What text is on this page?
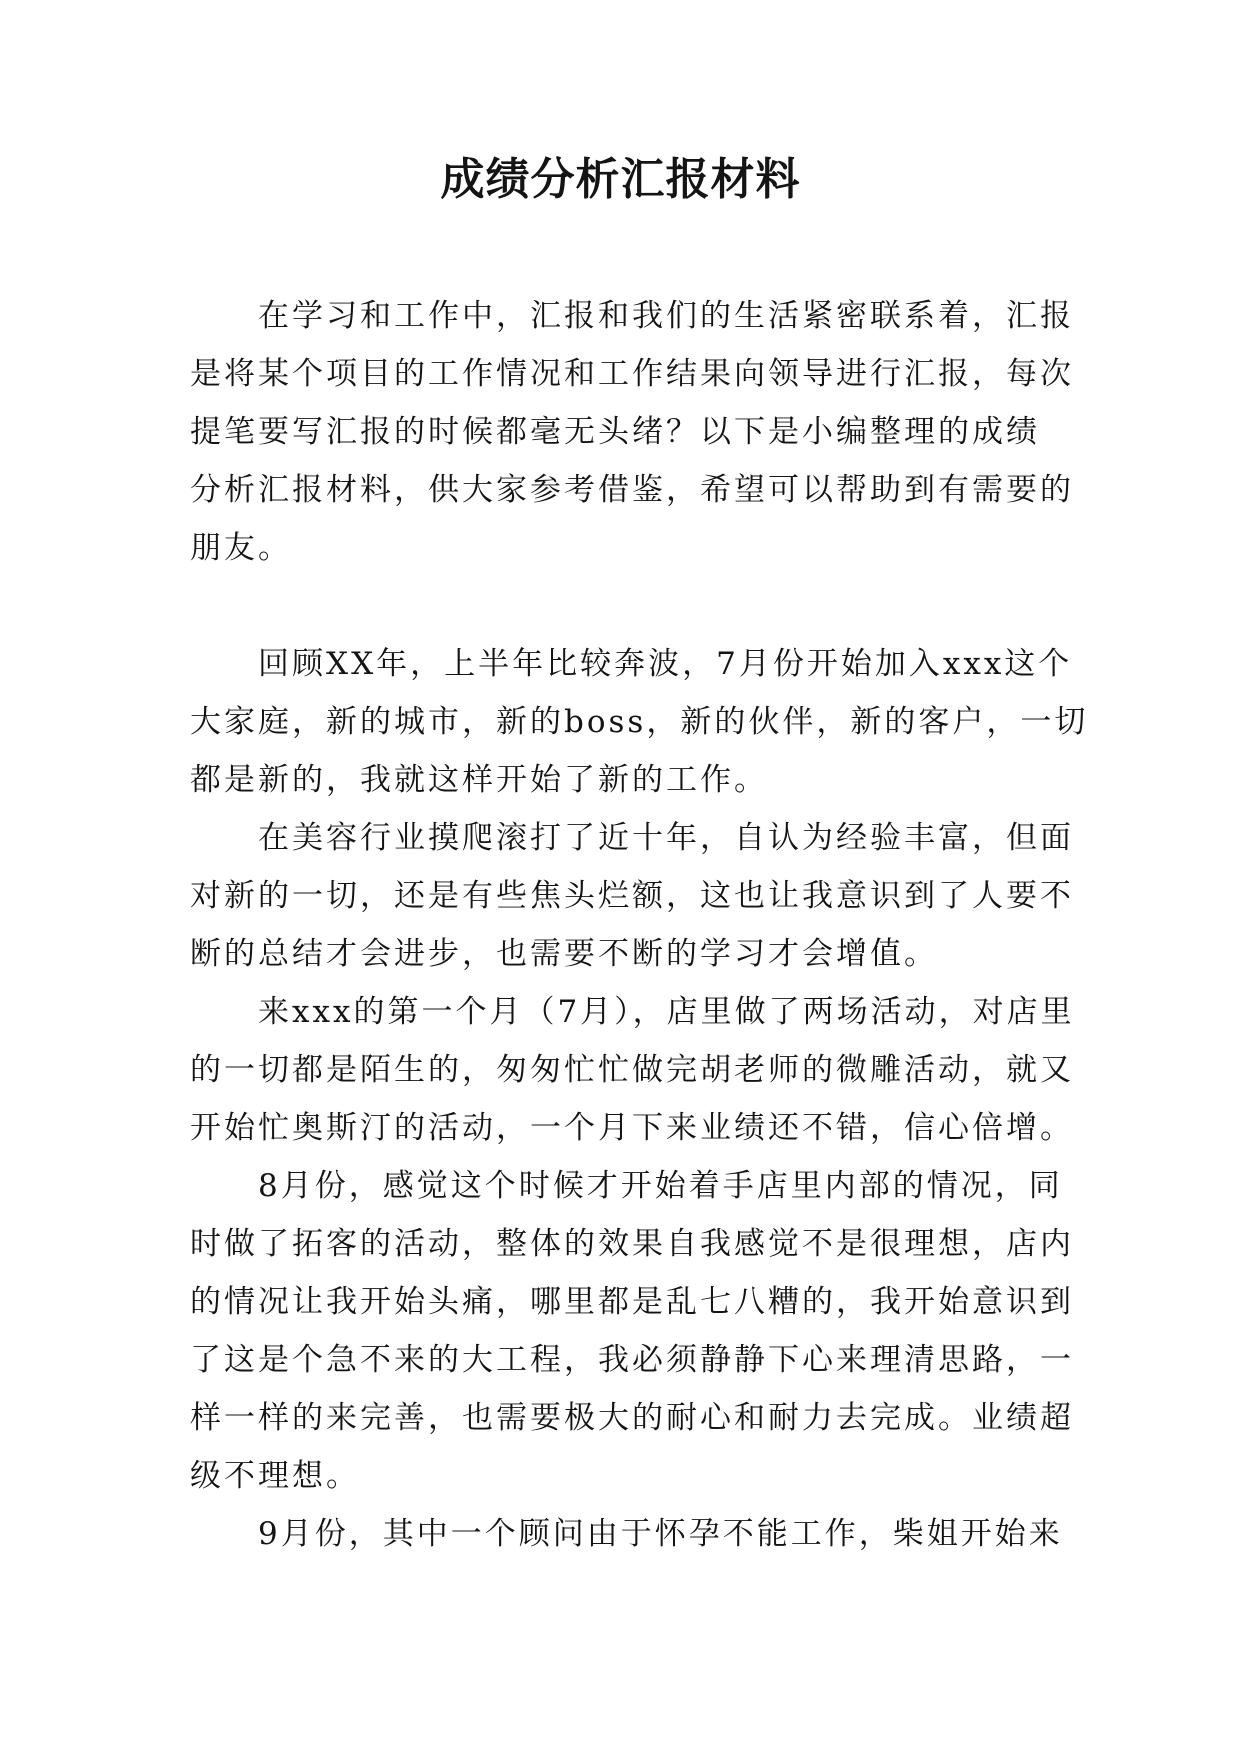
成绩分析汇报材料

在学习和工作中，汇报和我们的生活紧密联系着，汇报
是将某个项目的工作情况和工作结果向领导进行汇报，每次
提笔要写汇报的时候都毫无头绪？以下是小编整理的成绩
分析汇报材料，供大家参考借鉴，希望可以帮助到有需要的
朋友。

回顾XX年，上半年比较奔波，7月份开始加入xxx这个
大家庭，新的城市，新的boss，新的伙伴，新的客户，一切
都是新的，我就这样开始了新的工作。

在美容行业摸爬滚打了近十年，自认为经验丰富，但面
对新的一切，还是有些焦头烂额，这也让我意识到了人要不
断的总结才会进步，也需要不断的学习才会增值。

来xxx的第一个月（7月），店里做了两场活动，对店里
的一切都是陌生的，匆匆忙忙做完胡老师的微雕活动，就又
开始忙奥斯汀的活动，一个月下来业绩还不错，信心倍增。

8月份，感觉这个时候才开始着手店里内部的情况，同
时做了拓客的活动，整体的效果自我感觉不是很理想，店内
的情况让我开始头痛，哪里都是乱七八糟的，我开始意识到
了这是个急不来的大工程，我必须静静下心来理清思路，一
样一样的来完善，也需要极大的耐心和耐力去完成。业绩超
级不理想。

9月份，其中一个顾问由于怀孕不能工作，柴姐开始来
